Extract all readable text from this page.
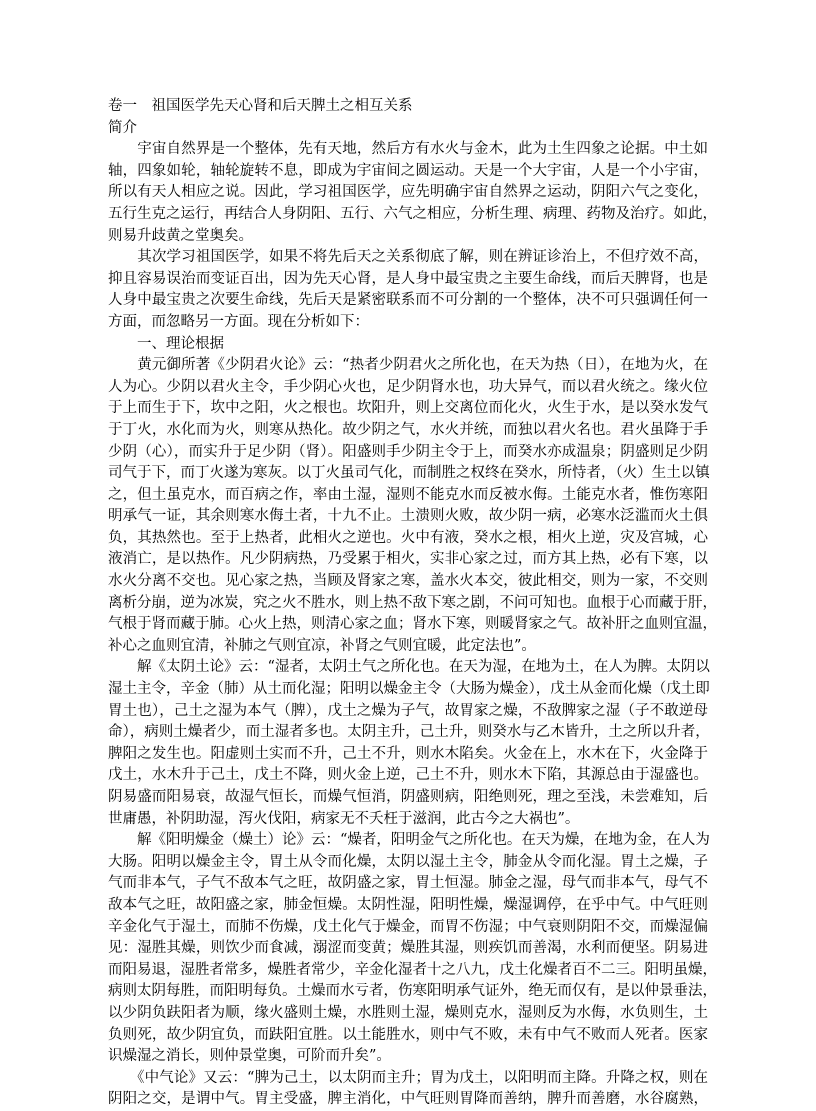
卷一　祖国医学先天心肾和后天脾土之相互关系
简介
　　宇宙自然界是一个整体，先有天地，然后方有水火与金木，此为土生四象之论据。中土如
轴，四象如轮，轴轮旋转不息，即成为宇宙间之圆运动。天是一个大宇宙，人是一个小宇宙，
所以有天人相应之说。因此，学习祖国医学，应先明确宇宙自然界之运动，阴阳六气之变化，
五行生克之运行，再结合人身阴阳、五行、六气之相应，分析生理、病理、药物及治疗。如此，
则易升歧黄之堂奥矣。
　　其次学习祖国医学，如果不将先后天之关系彻底了解，则在辨证诊治上，不但疗效不高，
抑且容易误治而变证百出，因为先天心肾，是人身中最宝贵之主要生命线，而后天脾肾，也是
人身中最宝贵之次要生命线，先后天是紧密联系而不可分割的一个整体，决不可只强调任何一
方面，而忽略另一方面。现在分析如下：
　　一、理论根据
　　黄元御所著《少阴君火论》云：“热者少阴君火之所化也，在天为热（日），在地为火，在
人为心。少阴以君火主令，手少阴心火也，足少阴肾水也，功大异气，而以君火统之。缘火位
于上而生于下，坎中之阳，火之根也。坎阳升，则上交离位而化火，火生于水，是以癸水发气
于丁火，水化而为火，则寒从热化。故少阴之气，水火并统，而独以君火名也。君火虽降于手
少阴（心），而实升于足少阴（肾）。阳盛则手少阴主令于上，而癸水亦成温泉；阴盛则足少阴
司气于下，而丁火遂为寒灰。以丁火虽司气化，而制胜之权终在癸水，所恃者，（火）生土以镇
之，但土虽克水，而百病之作，率由土湿，湿则不能克水而反被水侮。土能克水者，惟伤寒阳
明承气一证，其余则寒水侮土者，十九不止。土溃则火败，故少阴一病，必寒水泛滥而火土俱
负，其热然也。至于上热者，此相火之逆也。火中有液，癸水之根，相火上逆，灾及宫城，心
液消亡，是以热作。凡少阴病热，乃受累于相火，实非心家之过，而方其上热，必有下寒，以
水火分离不交也。见心家之热，当顾及肾家之寒，盖水火本交，彼此相交，则为一家，不交则
离析分崩，逆为冰炭，究之火不胜水，则上热不敌下寒之剧，不问可知也。血根于心而藏于肝，
气根于肾而藏于肺。心火上热，则清心家之血；肾水下寒，则暖肾家之气。故补肝之血则宜温，
补心之血则宜清，补肺之气则宜凉，补肾之气则宜暖，此定法也”。
　　解《太阴土论》云：“湿者，太阴土气之所化也。在天为湿，在地为土，在人为脾。太阴以
湿土主令，辛金（肺）从土而化湿；阳明以燥金主令（大肠为燥金），戊土从金而化燥（戊土即
胃土也），己土之湿为本气（脾），戊土之燥为子气，故胃家之燥，不敌脾家之湿（子不敢逆母
命），病则土燥者少，而土湿者多也。太阴主升，己土升，则癸水与乙木皆升，土之所以升者，
脾阳之发生也。阳虚则土实而不升，己土不升，则水木陷矣。火金在上，水木在下，火金降于
戊土，水木升于己土，戊土不降，则火金上逆，己土不升，则水木下陷，其源总由于湿盛也。
阴易盛而阳易衰，故湿气恒长，而燥气恒消，阴盛则病，阳绝则死，理之至浅，未尝难知，后
世庸愚，补阴助湿，泻火伐阳，病家无不夭枉于滋润，此古今之大祸也”。
　　解《阳明燥金（燥土）论》云：“燥者，阳明金气之所化也。在天为燥，在地为金，在人为
大肠。阳明以燥金主令，胃土从令而化燥，太阴以湿土主令，肺金从令而化湿。胃土之燥，子
气而非本气，子气不敌本气之旺，故阴盛之家，胃土恒湿。肺金之湿，母气而非本气，母气不
敌本气之旺，故阳盛之家，肺金恒燥。太阴性湿，阳明性燥，燥湿调停，在乎中气。中气旺则
辛金化气于湿土，而肺不伤燥，戊土化气于燥金，而胃不伤湿；中气衰则阴阳不交，而燥湿偏
见：湿胜其燥，则饮少而食减，溺涩而变黄；燥胜其湿，则疾饥而善渴，水利而便坚。阴易进
而阳易退，湿胜者常多，燥胜者常少，辛金化湿者十之八九，戊土化燥者百不二三。阳明虽燥，
病则太阴每胜，而阳明每负。土燥而水亏者，伤寒阳明承气证外，绝无而仅有，是以仲景垂法，
以少阴负趺阳者为顺，缘火盛则土燥，水胜则土湿，燥则克水，湿则反为水侮，水负则生，土
负则死，故少阴宜负，而趺阳宜胜。以土能胜水，则中气不败，未有中气不败而人死者。医家
识燥湿之消长，则仲景堂奥，可阶而升矣”。
　　《中气论》又云：“脾为己土，以太阴而主升；胃为戊土，以阳明而主降。升降之权，则在
阴阳之交，是谓中气。胃主受盛，脾主消化，中气旺则胃降而善纳，脾升而善磨，水谷腐熟，
